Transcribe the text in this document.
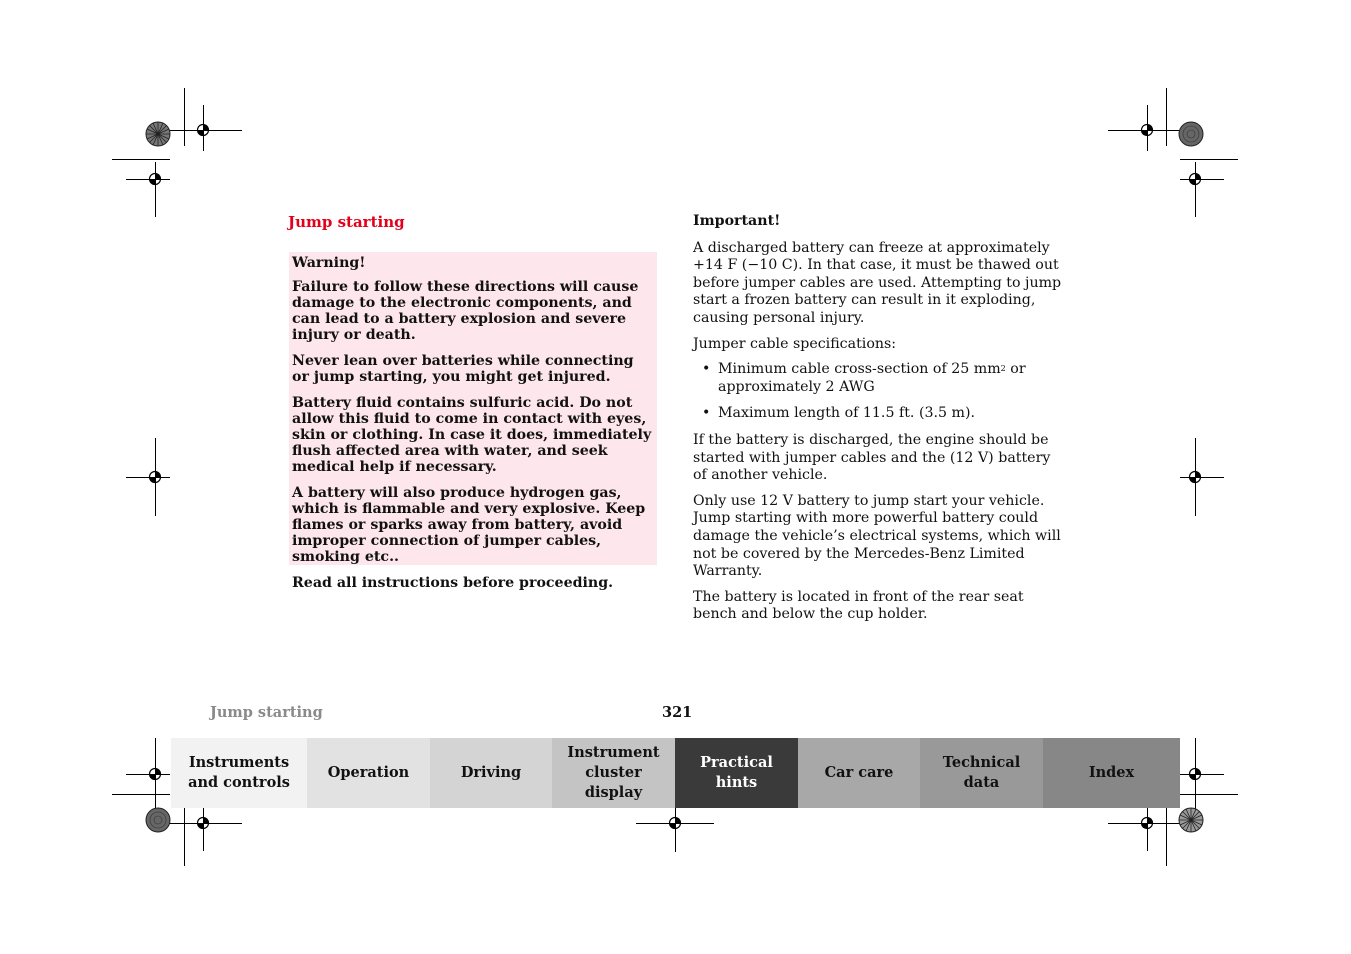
Jump starting

Warning!

Failure to follow these directions will cause damage to the electronic components, and can lead to a battery explosion and severe injury or death.

Never lean over batteries while connecting or jump starting, you might get injured.

Battery fluid contains sulfuric acid. Do not allow this fluid to come in contact with eyes, skin or clothing. In case it does, immediately flush affected area with water, and seek medical help if necessary.

A battery will also produce hydrogen gas, which is flammable and very explosive. Keep flames or sparks away from battery, avoid improper connection of jumper cables, smoking etc..

Read all instructions before proceeding.

Important!

A discharged battery can freeze at approximately +14 F (−10 C). In that case, it must be thawed out before jumper cables are used. Attempting to jump start a frozen battery can result in it exploding, causing personal injury.

Jumper cable specifications:

• Minimum cable cross-section of 25 $mm^2$ or approximately 2 AWG
• Maximum length of 11.5 ft. (3.5 m).

If the battery is discharged, the engine should be started with jumper cables and the (12 V) battery of another vehicle.

Only use 12 V battery to jump start your vehicle. Jump starting with more powerful battery could damage the vehicle’s electrical systems, which will not be covered by the Mercedes-Benz Limited Warranty.

The battery is located in front of the rear seat bench and below the cup holder.

Jump starting	321
Instruments
and controls
Operation	Driving
Instrument
cluster display
Practical hints
Car care
Technical
data
Index
